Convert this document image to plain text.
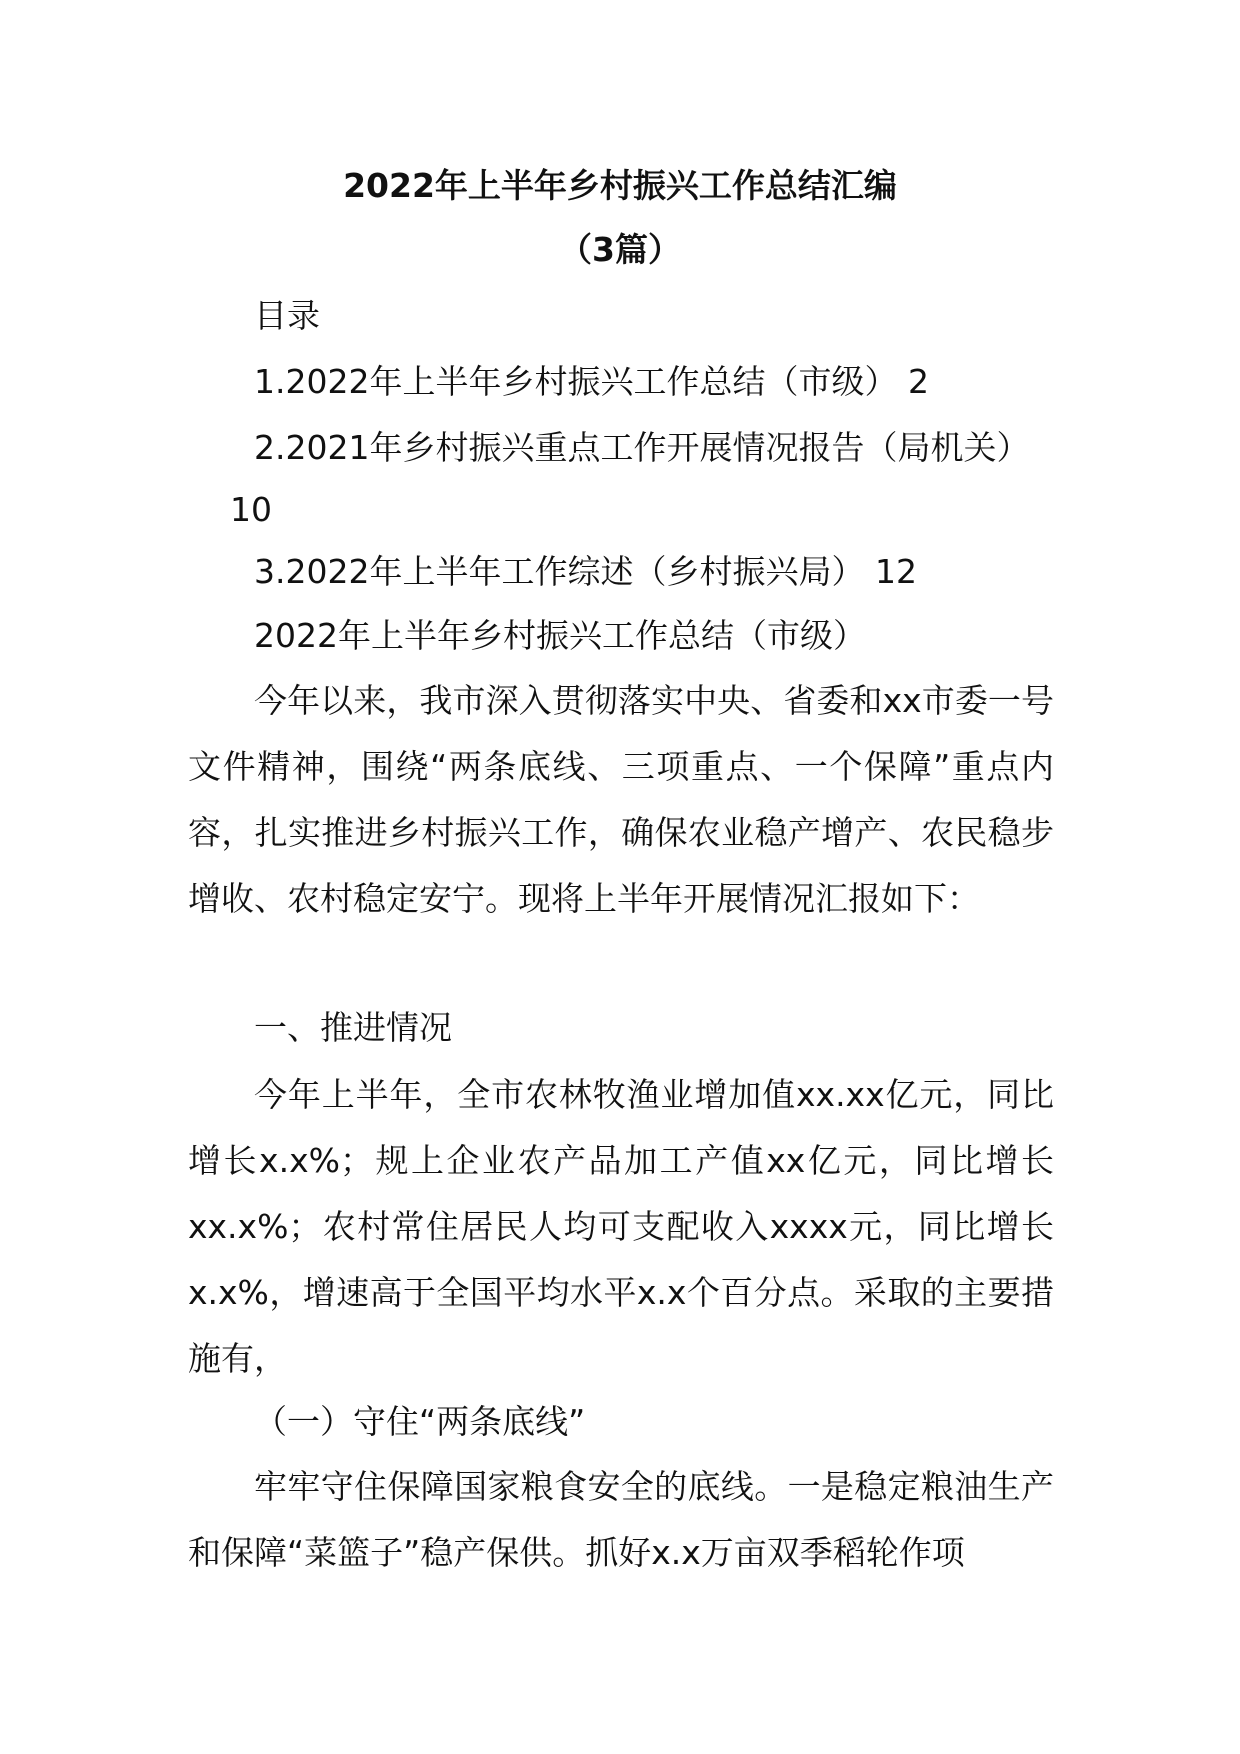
2022年上半年乡村振兴工作总结汇编
（3篇）
目录
1.2022年上半年乡村振兴工作总结（市级） 2
2.2021年乡村振兴重点工作开展情况报告（局机关）
10
3.2022年上半年工作综述（乡村振兴局） 12
2022年上半年乡村振兴工作总结（市级）
今年以来，我市深入贯彻落实中央、省委和xx市委一号文件精神，围绕“两条底线、三项重点、一个保障”重点内容，扎实推进乡村振兴工作，确保农业稳产增产、农民稳步增收、农村稳定安宁。现将上半年开展情况汇报如下：
一、推进情况
今年上半年，全市农林牧渔业增加值xx.xx亿元，同比增长x.x%；规上企业农产品加工产值xx亿元，同比增长xx.x%；农村常住居民人均可支配收入xxxx元，同比增长x.x%，增速高于全国平均水平x.x个百分点。采取的主要措施有，
（一）守住“两条底线”
牢牢守住保障国家粮食安全的底线。一是稳定粮油生产和保障“菜篮子”稳产保供。抓好x.x万亩双季稻轮作项
